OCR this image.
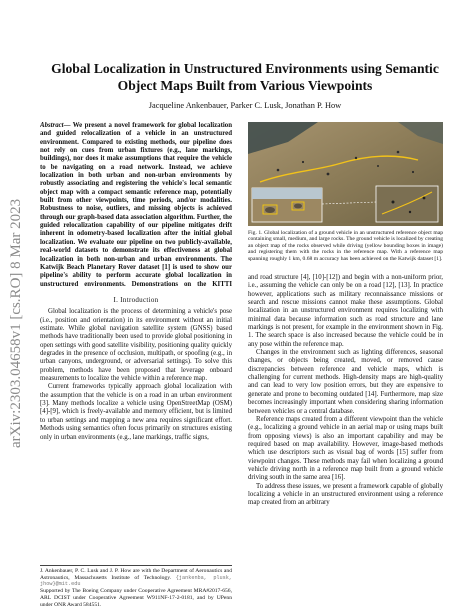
arXiv:2303.04658v1 [cs.RO] 8 Mar 2023
Global Localization in Unstructured Environments using Semantic Object Maps Built from Various Viewpoints
Jacqueline Ankenbauer, Parker C. Lusk, Jonathan P. How

Abstract— We present a novel framework for global localization and guided relocalization of a vehicle in an unstructured environment. Compared to existing methods, our pipeline does not rely on cues from urban fixtures (e.g., lane markings, buildings), nor does it make assumptions that require the vehicle to be navigating on a road network. Instead, we achieve localization in both urban and non-urban environments by robustly associating and registering the vehicle's local semantic object map with a compact semantic reference map, potentially built from other viewpoints, time periods, and/or modalities. Robustness to noise, outliers, and missing objects is achieved through our graph-based data association algorithm. Further, the guided relocalization capability of our pipeline mitigates drift inherent in odometry-based localization after the initial global localization. We evaluate our pipeline on two publicly-available, real-world datasets to demonstrate its effectiveness at global localization in both non-urban and urban environments. The Katwijk Beach Planetary Rover dataset [1] is used to show our pipeline's ability to perform accurate global localization in unstructured environments. Demonstrations on the KITTI

I. Introduction

Global localization is the process of determining a vehicle's pose (i.e., position and orientation) in its environment without an initial estimate. While global navigation satellite system (GNSS) based methods have traditionally been used to provide global positioning in open settings with good satellite visibility, positioning quality quickly degrades in the presence of occlusion, multipath, or spoofing (e.g., in urban canyons, underground, or adversarial settings). To solve this problem, methods have been proposed that leverage onboard measurements to localize the vehicle within a reference map.

Current frameworks typically approach global localization with the assumption that the vehicle is on a road in an urban environment [3]. Many methods localize a vehicle using OpenStreetMap (OSM) [4]-[9], which is freely-available and memory efficient, but is limited to urban settings and mapping a new area requires significant effort. Methods using semantics often focus primarily on structures existing only in urban environments (e.g., lane markings, traffic signs,

J. Ankenbauer, P. C. Lusk and J. P. How are with the Department of Aeronautics and Astronautics, Massachusetts Institute of Technology. {jankenba, plusk, jhow}@mit.edu
Supported by The Boeing Company under Cooperative Agreement MRA#2017-656, ARL DCIST under Cooperative Agreement W911NF-17-2-0181, and by UPenn under ONR Award 584551.
Fig. 1. Global localization of a ground vehicle in an unstructured reference object map containing small, medium, and large rocks. The ground vehicle is localized by creating an object map of the rocks observed while driving (yellow bounding boxes in image) and registering them with the rocks in the reference map. With a reference map spanning roughly 1 km, 0.68 m accuracy has been achieved on the Katwijk dataset [1].

and road structure [4], [10]-[12]) and begin with a non-uniform prior, i.e., assuming the vehicle can only be on a road [12], [13]. In practice however, applications such as military reconnaissance missions or search and rescue missions cannot make these assumptions. Global localization in an unstructured environment requires localizing with minimal data because information such as road structure and lane markings is not present, for example in the environment shown in Fig. 1. The search space is also increased because the vehicle could be in any pose within the reference map.

Changes in the environment such as lighting differences, seasonal changes, or objects being created, moved, or removed cause discrepancies between reference and vehicle maps, which is challenging for current methods. High-density maps are high-quality and can lead to very low position errors, but they are expensive to generate and prone to becoming outdated [14]. Furthermore, map size becomes increasingly important when considering sharing information between vehicles or a central database.

Reference maps created from a different viewpoint than the vehicle (e.g., localizing a ground vehicle in an aerial map or using maps built from opposing views) is also an important capability and may be required based on map availability. However, image-based methods which use descriptors such as visual bag of words [15] suffer from viewpoint changes. These methods may fail when localizing a ground vehicle driving north in a reference map built from a ground vehicle driving south in the same area [16].

To address these issues, we present a framework capable of globally localizing a vehicle in an unstructured environment using a reference map created from an arbitrary
